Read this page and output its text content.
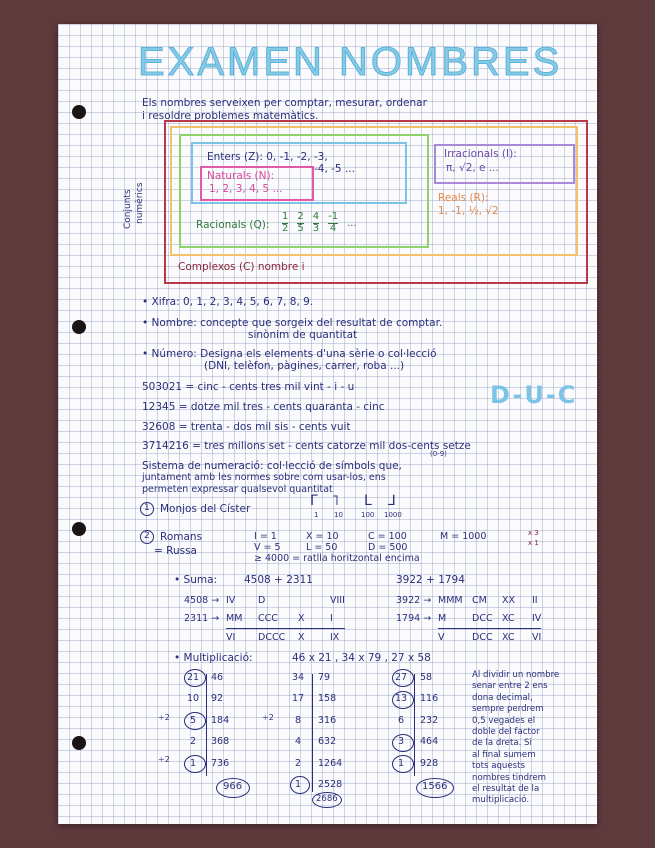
EXAMEN NOMBRES
Els nombres serveixen per comptar, mesurar, ordenar
i resoldre problemes matemàtics.
Conjunts numèrics
Enters (Z): 0, -1, -2, -3,
-4, -5 ...
Naturals (N):
1, 2, 3, 4, 5 ...
Racionals (Q):
1
2
2
5
4
3
-1
4 ...
Irracionals (I):
π, √2, e ...
Reals (R):
1, -1, ½, √2
Complexos (C) nombre i
• Xifra: 0, 1, 2, 3, 4, 5, 6, 7, 8, 9.
• Nombre: concepte que sorgeix del resultat de comptar.
sinònim de quantitat
• Número: Designa els elements d'una sèrie o col·lecció
(DNI, telèfon, pàgines, carrer, roba ...)
503021 = cinc - cents tres mil vint - i - u
12345 = dotze mil tres - cents quaranta - cinc
32608 = trenta - dos mil sis - cents vuit
3714216 = tres milions set - cents catorze mil dos-cents setze
(0-9)
D-U-C
Sistema de numeració: col·lecció de símbols que,
juntament amb les normes sobre com usar-los, ens
permeten expressar qualsevol quantitat
1 Monjos del Císter	Γ ˥ L ⅃
1 10	100 1000
2 Romans
= Russa
I = 1	X = 10	C = 100	M = 1000
V = 5	L = 50	D = 500
≥ 4000 = ratlla horitzontal encima
x 3
x 1
• Suma:	4508 + 2311	3922 + 1794
4508 →	IV	D		VIII
2311 →	MM	CCC	X	I
	VI	DCCC	X	IX
3922 →	MMM	CM	XX	II
1794 →	M	DCC	XC	IV
	V	DCC	XC	VI
• Multiplicació:	46 x 21 , 34 x 79 , 27 x 58
21 46
10 92
5 184
2 368
1 736
÷2
÷2
966
34 79
17 158
8 316
4 632
2 1264
1 2528
÷2
2686
27 58
13 116
6 232
3 464
1 928
1566
Al dividir un nombre
senar entre 2 ens
dona decimal,
sempre perdrem
0,5 vegades el
doble del factor
de la dreta. Si
al final sumem
tots aquests
nombres tindrem
el resultat de la
multiplicació.
